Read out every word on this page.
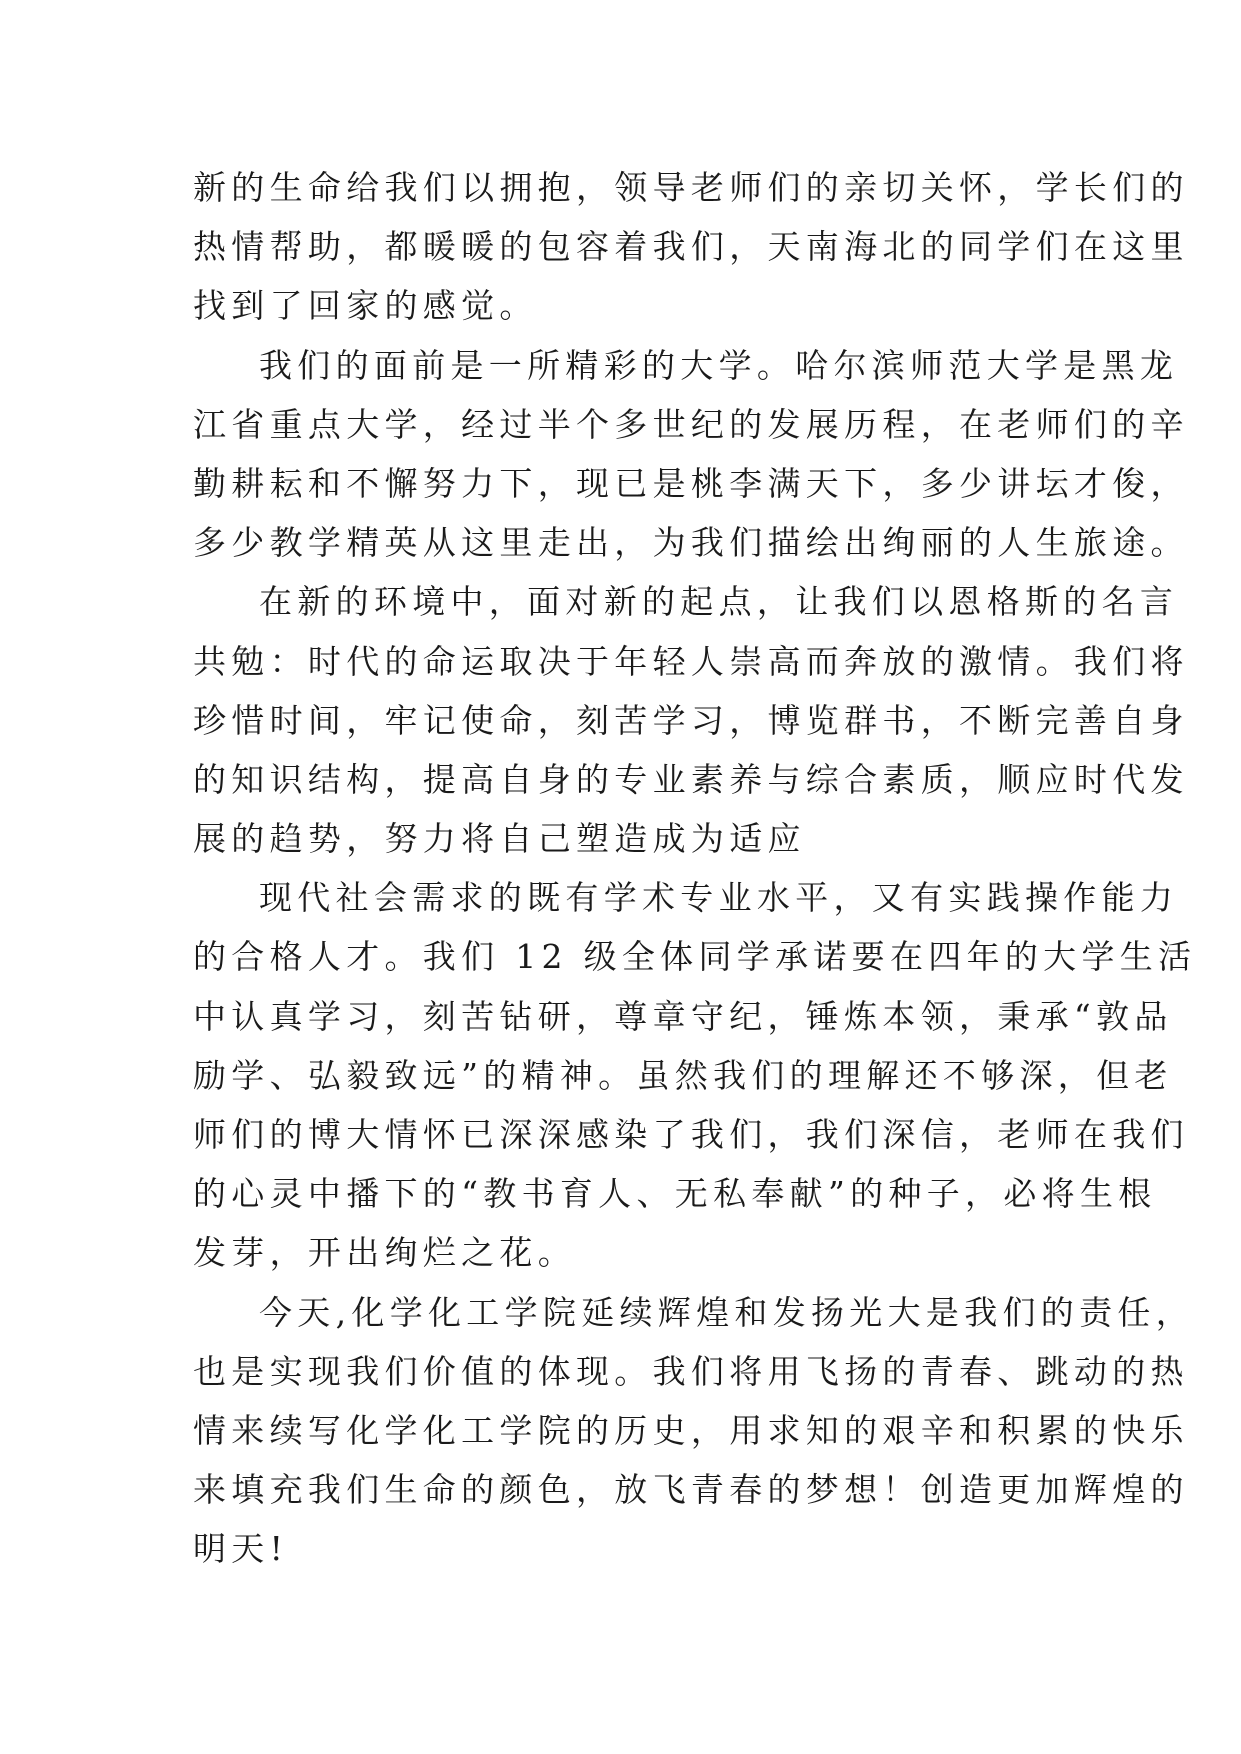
新的生命给我们以拥抱，领导老师们的亲切关怀，学长们的
热情帮助，都暖暖的包容着我们，天南海北的同学们在这里
找到了回家的感觉。
我们的面前是一所精彩的大学。哈尔滨师范大学是黑龙
江省重点大学，经过半个多世纪的发展历程，在老师们的辛
勤耕耘和不懈努力下，现已是桃李满天下，多少讲坛才俊，
多少教学精英从这里走出，为我们描绘出绚丽的人生旅途。
在新的环境中，面对新的起点，让我们以恩格斯的名言
共勉：时代的命运取决于年轻人崇高而奔放的激情。我们将
珍惜时间，牢记使命，刻苦学习，博览群书，不断完善自身
的知识结构，提高自身的专业素养与综合素质，顺应时代发
展的趋势，努力将自己塑造成为适应
现代社会需求的既有学术专业水平，又有实践操作能力
的合格人才。我们 12 级全体同学承诺要在四年的大学生活
中认真学习，刻苦钻研，尊章守纪，锤炼本领，秉承“敦品
励学、弘毅致远”的精神。虽然我们的理解还不够深，但老
师们的博大情怀已深深感染了我们，我们深信，老师在我们
的心灵中播下的“教书育人、无私奉献”的种子，必将生根
发芽，开出绚烂之花。
今天,化学化工学院延续辉煌和发扬光大是我们的责任，
也是实现我们价值的体现。我们将用飞扬的青春、跳动的热
情来续写化学化工学院的历史，用求知的艰辛和积累的快乐
来填充我们生命的颜色，放飞青春的梦想！创造更加辉煌的
明天!
